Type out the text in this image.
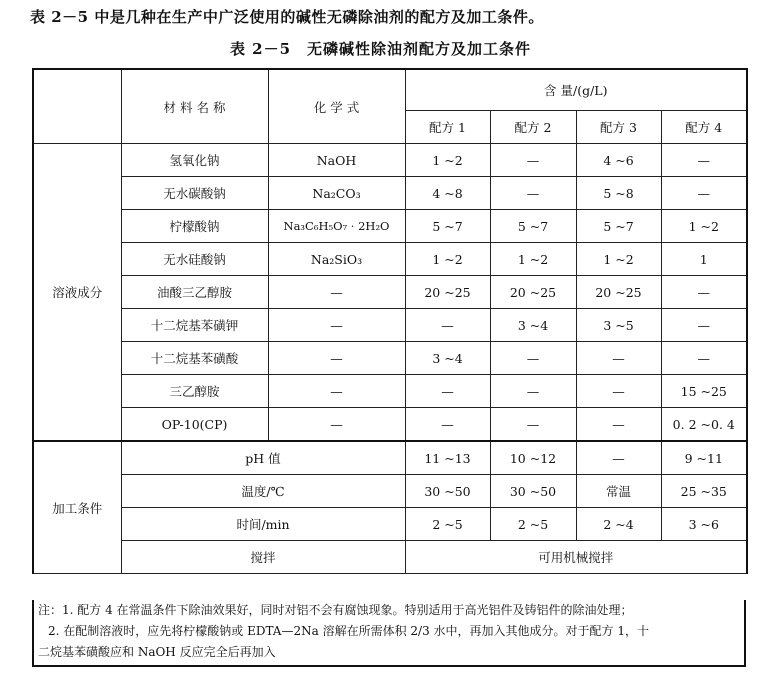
表 2－5 中是几种在生产中广泛使用的碱性无磷除油剂的配方及加工条件。
表 2－5　无磷碱性除油剂配方及加工条件
	材 料 名 称	化 学 式	含 量/(g/L)			
			配方 1	配方 2	配方 3	配方 4
溶液成分	氢氧化钠	NaOH	1 ~2	—	4 ~6	—
	无水碳酸钠	Na₂CO₃	4 ~8	—	5 ~8	—
	柠檬酸钠	Na₃C₆H₅O₇ · 2H₂O	5 ~7	5 ~7	5 ~7	1 ~2
	无水硅酸钠	Na₂SiO₃	1 ~2	1 ~2	1 ~2	1
	油酸三乙醇胺	—	20 ~25	20 ~25	20 ~25	—
	十二烷基苯磺钾	—	—	3 ~4	3 ~5	—
	十二烷基苯磺酸	—	3 ~4	—	—	—
	三乙醇胺	—	—	—	—	15 ~25
	OP-10(CP)	—	—	—	—	0. 2 ~0. 4
加工条件	pH 值		11 ~13	10 ~12	—	9 ~11
	温度/℃		30 ~50	30 ~50	常温	25 ~35
	时间/min		2 ~5	2 ~5	2 ~4	3 ~6
	搅拌		可用机械搅拌			

注：1. 配方 4 在常温条件下除油效果好，同时对铝不会有腐蚀现象。特别适用于高光铝件及铸铝件的除油处理；

2. 在配制溶液时，应先将柠檬酸钠或 EDTA—2Na 溶解在所需体积 2/3 水中，再加入其他成分。对于配方 1，十

二烷基苯磺酸应和 NaOH 反应完全后再加入
